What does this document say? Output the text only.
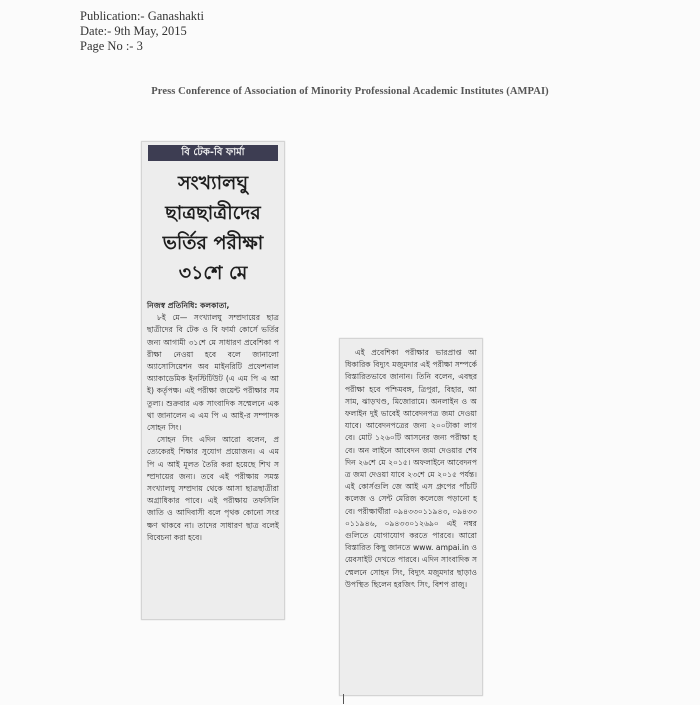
Publication:- Ganashakti
Date:- 9th May, 2015
Page No :- 3
Press Conference of Association of Minority Professional Academic Institutes (AMPAI)
বি টেক-বি ফার্মা
সংখ্যালঘু
ছাত্রছাত্রীদের
ভর্তির পরীক্ষা
৩১শে মে
নিজস্ব প্রতিনিধি: কলকাতা,
৮ই মে— সংখ্যালঘু সম্প্রদায়ের ছাত্রছাত্রীদের বি টেক ও বি ফার্মা কোর্সে ভর্তির জন্য আগামী ৩১শে মে সাধারণ প্রবেশিকা পরীক্ষা নেওয়া হবে বলে জানালো অ্যাসোসিয়েশন অব মাইনরিটি প্রফেশনাল অ্যাকাডেমিক ইনস্টিটিউট (এ এম পি এ আই) কর্তৃপক্ষ। এই পরীক্ষা জয়েন্ট পরীক্ষার সমতুল্য। শুক্রবার এক সাংবাদিক সম্মেলনে একথা জানালেন এ এম পি এ আই-র সম্পাদক সোহন সিং।
সোহন সিং এদিন আরো বলেন, প্রত্যেকেরই শিক্ষার সুযোগ প্রয়োজন। এ এম পি এ আই মূলত তৈরি করা হয়েছে শিখ সম্প্রদায়ের জন্য। তবে এই পরীক্ষায় সমস্ত সংখ্যালঘু সম্প্রদায় থেকে আসা ছাত্রছাত্রীরা অগ্রাধিকার পাবে। এই পরীক্ষায় তফসিলি জাতি ও আদিবাসী বলে পৃথক কোনো সংরক্ষণ থাকবে না। তাদের সাধারণ ছাত্র বলেই বিবেচনা করা হবে।
এই প্রবেশিকা পরীক্ষার ভারপ্রাপ্ত আধিকারিক বিদ্যুৎ মজুমদার এই পরীক্ষা সম্পর্কে বিস্তারিতভাবে জানান। তিনি বলেন, এবছর পরীক্ষা হবে পশ্চিমবঙ্গ, ত্রিপুরা, বিহার, আসাম, ঝাড়খণ্ড, মিজোরামে। অনলাইন ও অফলাইন দুই ভাবেই আবেদনপত্র জমা দেওয়া যাবে। আবেদনপত্রের জন্য ২০০টাকা লাগবে। মোট ১২৬০টি আসনের জন্য পরীক্ষা হবে। অন লাইনে আবেদন জমা দেওয়ার শেষ দিন ২৬শে মে ২০১৫। অফলাইনে আবেদনপত্র জমা দেওয়া যাবে ২৩শে মে ২০১৫ পর্যন্ত। এই কোর্সগুলি জে আই এস গ্রুপের পাঁচটি কলেজ ও সেন্ট মেরিজ কলেজে পড়ানো হবে। পরীক্ষার্থীরা ০৯৪৩৩০১১৯৪৩, ০৯৪৩৩০১১৯৪৬, ০৯৪৩৩০১২৬৯০ এই নম্বরগুলিতে যোগাযোগ করতে পারবে। আরো বিস্তারিত কিছু জানতে www. ampai.in ওয়েবসাইট দেখতে পারবে। এদিন সাংবাদিক সম্মেলনে সোহন সিং, বিদ্যুৎ মজুমদার ছাড়াও উপস্থিত ছিলেন হরজিৎ সিং, বিশপ রাজু।
